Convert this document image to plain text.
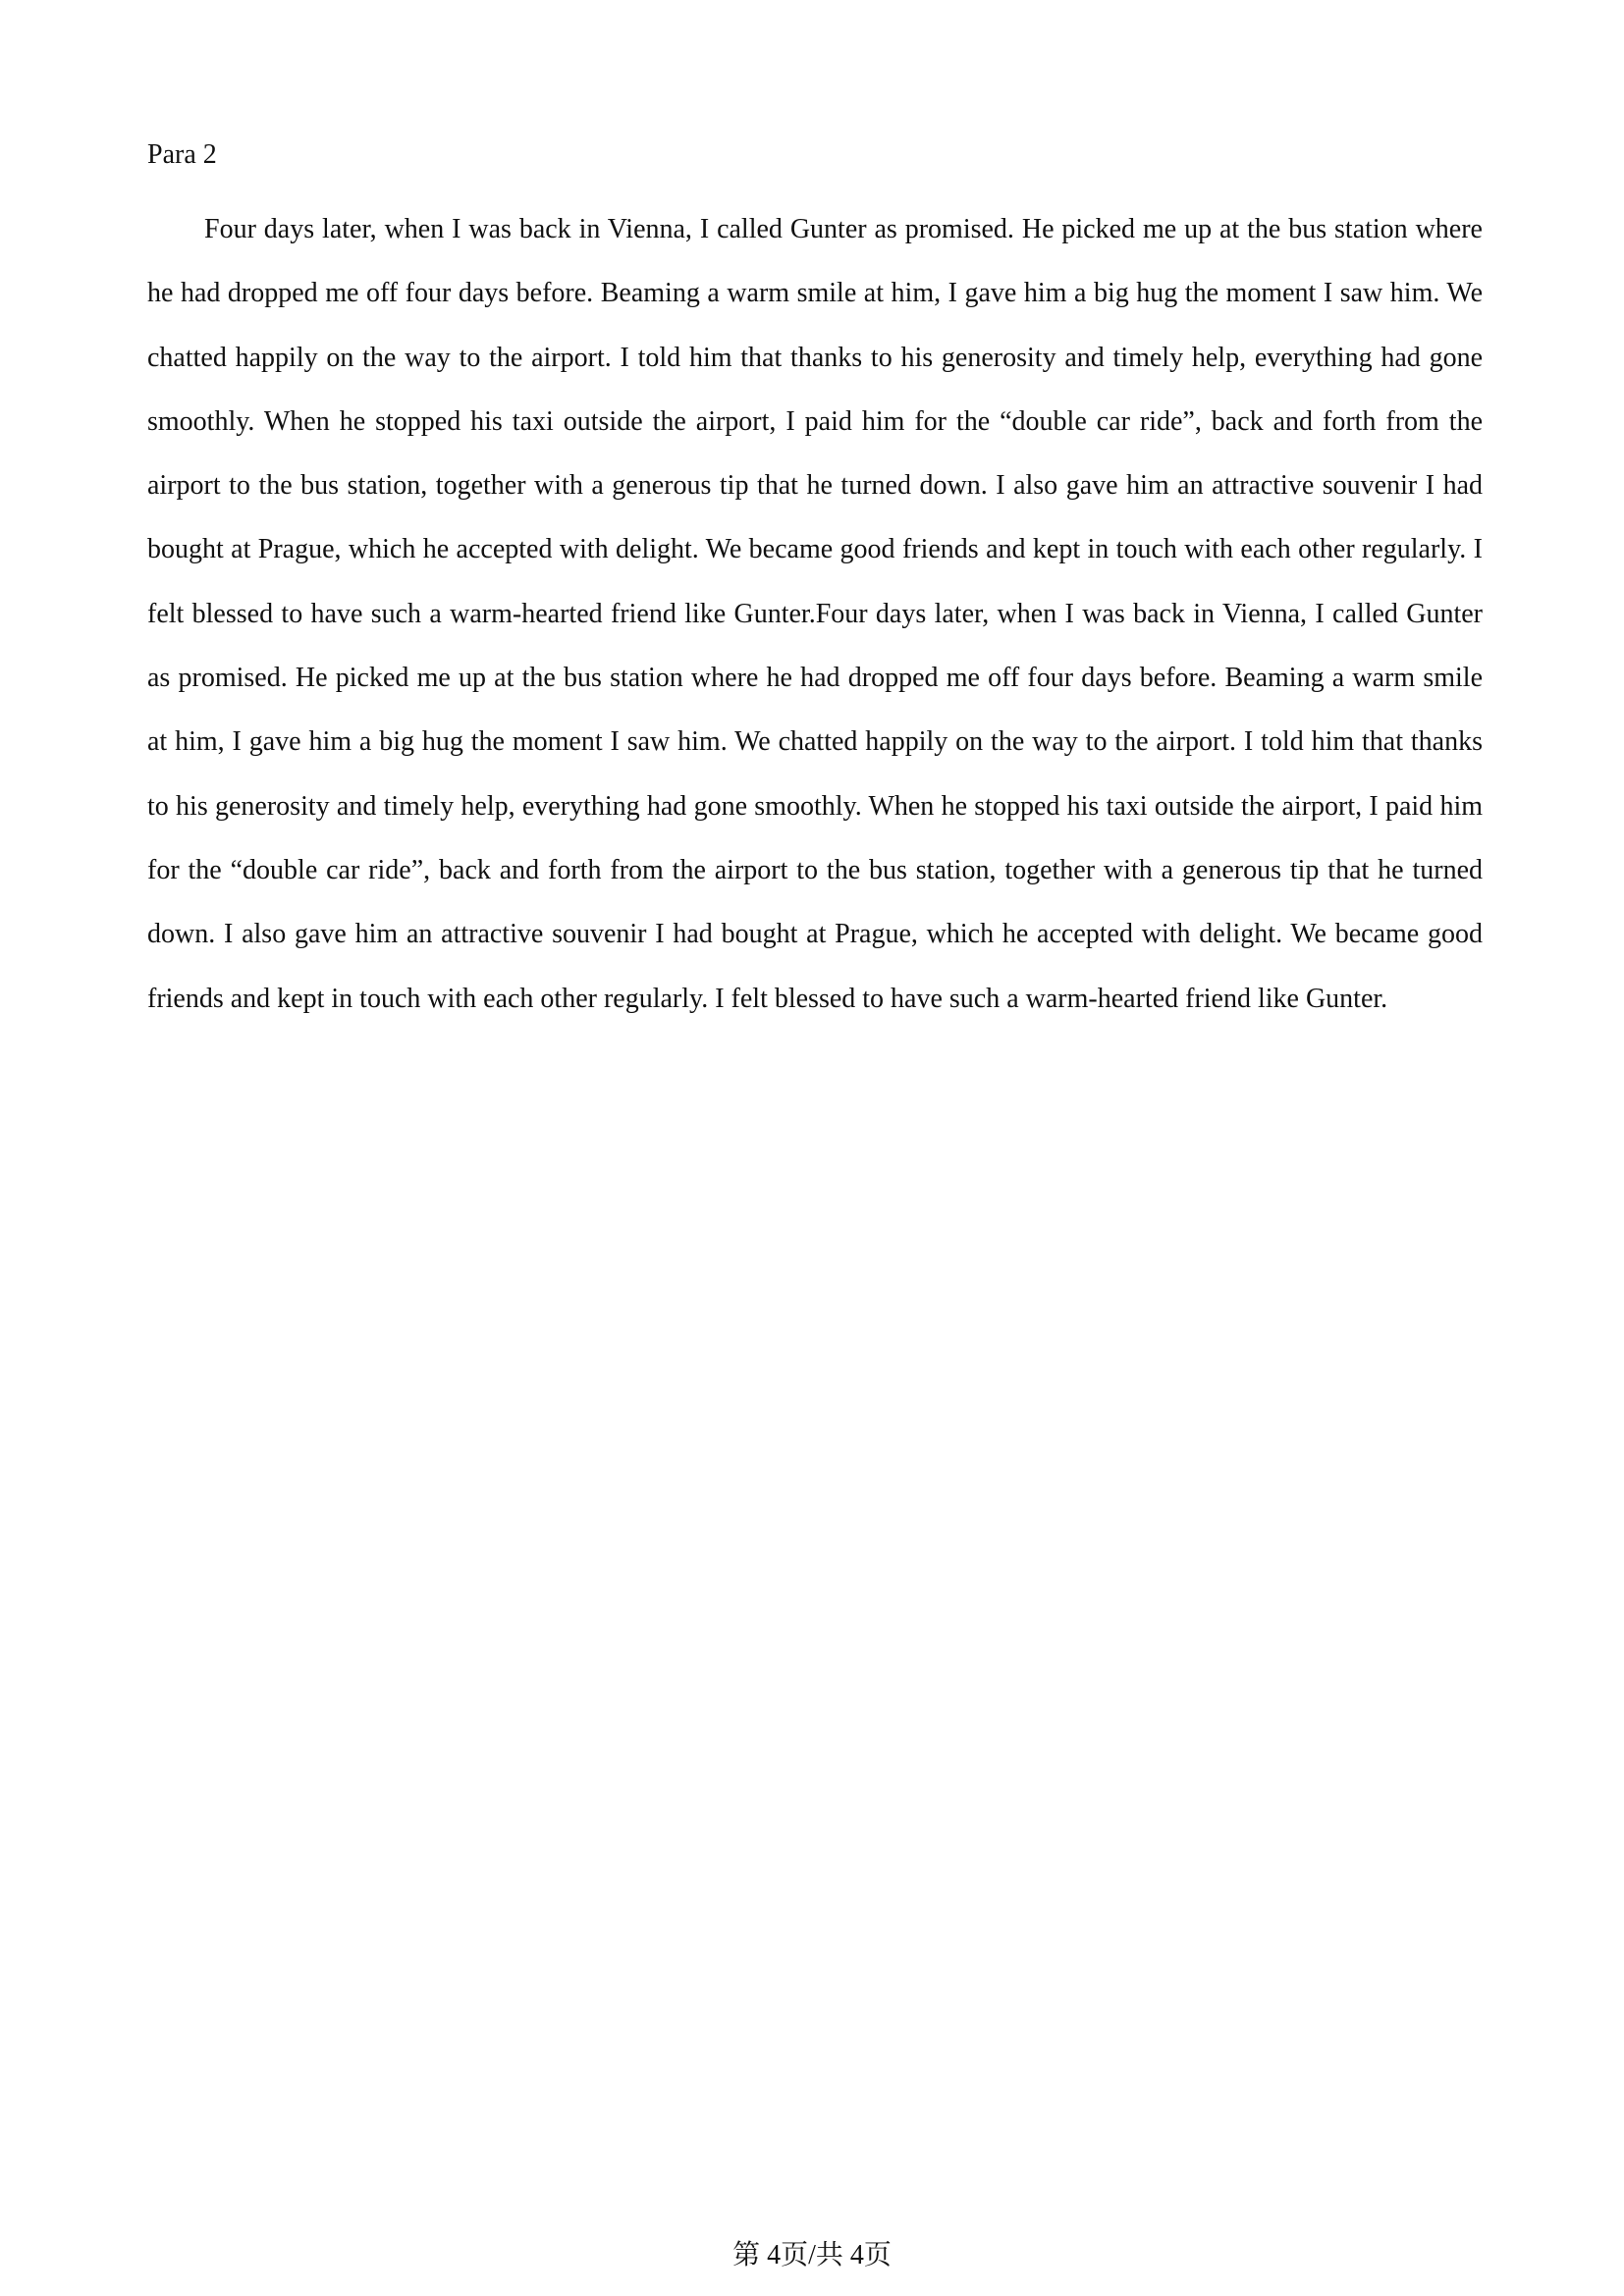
Para 2

Four days later, when I was back in Vienna, I called Gunter as promised. He picked me up at the bus station where he had dropped me off four days before. Beaming a warm smile at him, I gave him a big hug the moment I saw him. We chatted happily on the way to the airport. I told him that thanks to his generosity and timely help, everything had gone smoothly. When he stopped his taxi outside the airport, I paid him for the “double car ride”, back and forth from the airport to the bus station, together with a generous tip that he turned down. I also gave him an attractive souvenir I had bought at Prague, which he accepted with delight. We became good friends and kept in touch with each other regularly. I felt blessed to have such a warm-hearted friend like Gunter.Four days later, when I was back in Vienna, I called Gunter as promised. He picked me up at the bus station where he had dropped me off four days before. Beaming a warm smile at him, I gave him a big hug the moment I saw him. We chatted happily on the way to the airport. I told him that thanks to his generosity and timely help, everything had gone smoothly. When he stopped his taxi outside the airport, I paid him for the “double car ride”, back and forth from the airport to the bus station, together with a generous tip that he turned down. I also gave him an attractive souvenir I had bought at Prague, which he accepted with delight. We became good friends and kept in touch with each other regularly. I felt blessed to have such a warm-hearted friend like Gunter.

第 4页/共 4页
